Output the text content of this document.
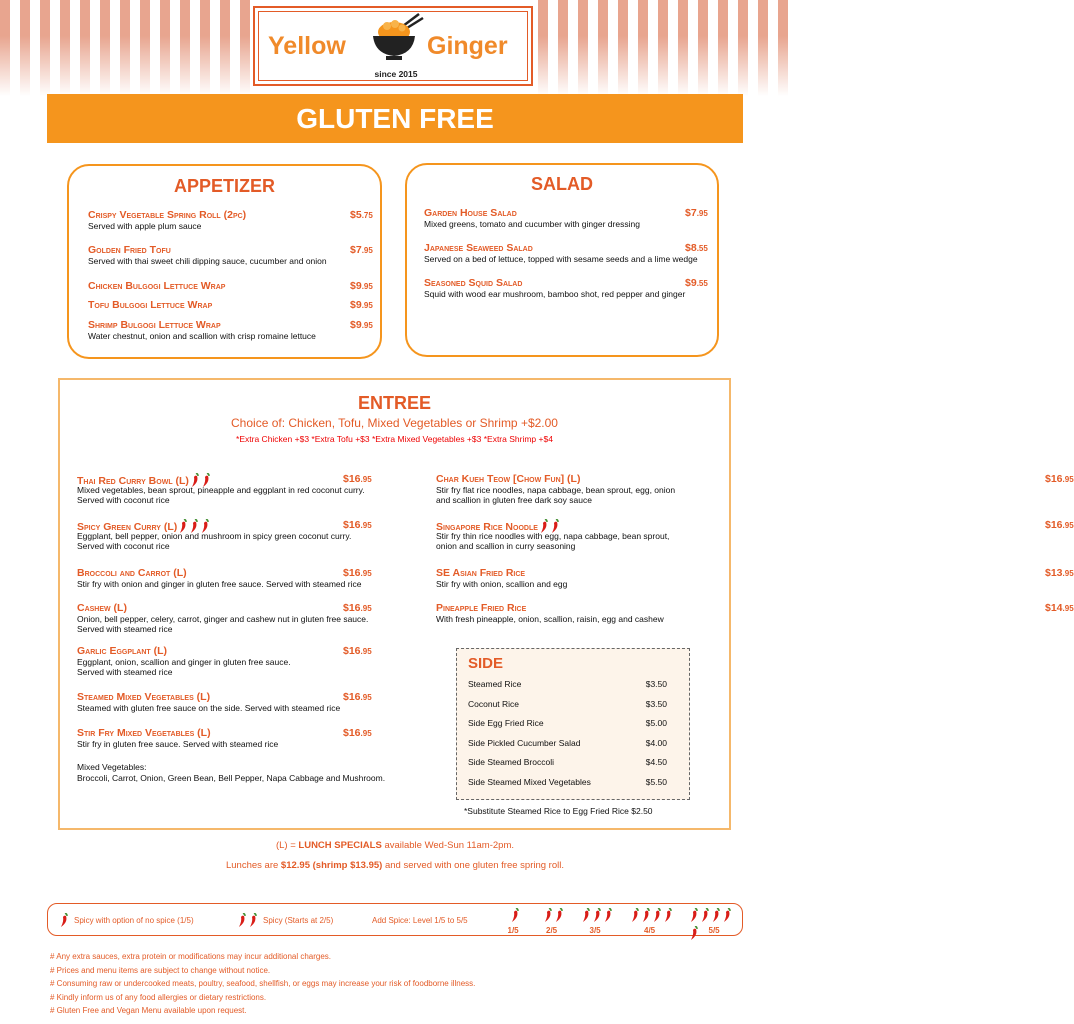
Yellow	Ginger
since 2015
GLUTEN FREE
APPETIZER
Crispy Vegetable Spring Roll (2pc)	$5.75
Served with apple plum sauce
Golden Fried Tofu	$7.95
Served with thai sweet chili dipping sauce, cucumber and onion
Chicken Bulgogi Lettuce Wrap	$9.95
Tofu Bulgogi Lettuce Wrap	$9.95
Shrimp Bulgogi Lettuce Wrap	$9.95
Water chestnut, onion and scallion with crisp romaine lettuce
SALAD
Garden House Salad	$7.95
Mixed greens, tomato and cucumber with ginger dressing
Japanese Seaweed Salad	$8.55
Served on a bed of lettuce, topped with sesame seeds and a lime wedge
Seasoned Squid Salad	$9.55
Squid with wood ear mushroom, bamboo shot, red pepper and ginger
ENTREE
Choice of: Chicken, Tofu, Mixed Vegetables or Shrimp +$2.00
*Extra Chicken +$3 *Extra Tofu +$3 *Extra Mixed Vegetables +$3 *Extra Shrimp +$4
Thai Red Curry Bowl (L)	$16.95
Mixed vegetables, bean sprout, pineapple and eggplant in red coconut curry.
Served with coconut rice
Spicy Green Curry (L)	$16.95
Eggplant, bell pepper, onion and mushroom in spicy green coconut curry.
Served with coconut rice
Broccoli and Carrot (L)	$16.95
Stir fry with onion and ginger in gluten free sauce. Served with steamed rice
Cashew (L)	$16.95
Onion, bell pepper, celery, carrot, ginger and cashew nut in gluten free sauce.
Served with steamed rice
Garlic Eggplant (L)	$16.95
Eggplant, onion, scallion and ginger in gluten free sauce.
Served with steamed rice
Steamed Mixed Vegetables (L)	$16.95
Steamed with gluten free sauce on the side. Served with steamed rice
Stir Fry Mixed Vegetables (L)	$16.95
Stir fry in gluten free sauce. Served with steamed rice
Char Kueh Teow [Chow Fun] (L)	$16.95
Stir fry flat rice noodles, napa cabbage, bean sprout, egg, onion
and scallion in gluten free dark soy sauce
Singapore Rice Noodle	$16.95
Stir fry thin rice noodles with egg, napa cabbage, bean sprout,
onion and scallion in curry seasoning
SE Asian Fried Rice	$13.95
Stir fry with onion, scallion and egg
Pineapple Fried Rice	$14.95
With fresh pineapple, onion, scallion, raisin, egg and cashew
Mixed Vegetables:
Broccoli, Carrot, Onion, Green Bean, Bell Pepper, Napa Cabbage and Mushroom.
SIDE
Steamed Rice	$3.50
Coconut Rice	$3.50
Side Egg Fried Rice	$5.00
Side Pickled Cucumber Salad	$4.00
Side Steamed Broccoli	$4.50
Side Steamed Mixed Vegetables	$5.50
*Substitute Steamed Rice to Egg Fried Rice $2.50
(L) = LUNCH SPECIALS available Wed-Sun 11am-2pm.
Lunches are $12.95 (shrimp $13.95) and served with one gluten free spring roll.
Spicy with option of no spice (1/5)	Spicy (Starts at 2/5)	Add Spice: Level 1/5 to 5/5
1/5	2/5	3/5	4/5	5/5
# Any extra sauces, extra protein or modifications may incur additional charges.
# Prices and menu items are subject to change without notice.
# Consuming raw or undercooked meats, poultry, seafood, shellfish, or eggs may increase your risk of foodborne illness.
# Kindly inform us of any food allergies or dietary restrictions.
# Gluten Free and Vegan Menu available upon request.
